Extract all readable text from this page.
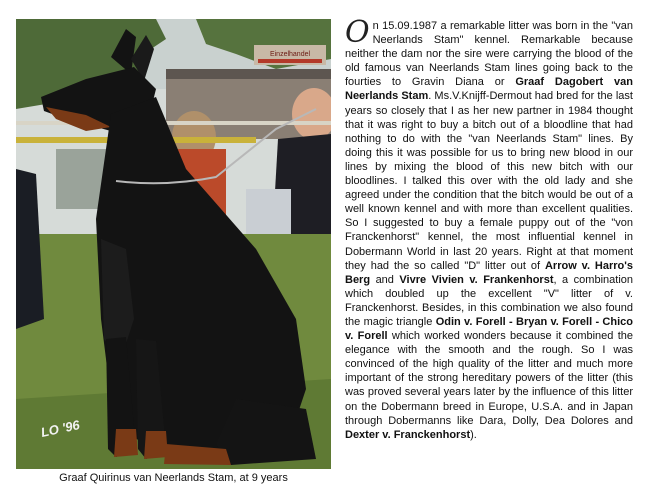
Einzelhandel
LO '96
Graaf Quirinus van Neerlands Stam, at 9 years

On 15.09.1987 a remarkable litter was born in the "van Neerlands Stam" kennel. Remarkable because neither the dam nor the sire were carrying the blood of the old famous van Neerlands Stam lines going back to the fourties to Gravin Diana or Graaf Dagobert van Neerlands Stam. Ms.V.Knijff-Dermout had bred for the last years so closely that I as her new partner in 1984 thought that it was right to buy a bitch out of a bloodline that had nothing to do with the "van Neerlands Stam" lines. By doing this it was possible for us to bring new blood in our lines by mixing the blood of this new bitch with our bloodlines. I talked this over with the old lady and she agreed under the condition that the bitch would be out of a well known kennel and with more than excellent qualities. So I suggested to buy a female puppy out of the "von Franckenhorst" kennel, the most influential kennel in Dobermann World in last 20 years. Right at that moment they had the so called "D" litter out of Arrow v. Harro's Berg and Vivre Vivien v. Frankenhorst, a combination which doubled up the excellent "V" litter of v. Franckenhorst. Besides, in this combination we also found the magic triangle Odin v. Forell - Bryan v. Forell - Chico v. Forell which worked wonders because it combined the elegance with the smooth and the rough. So I was convinced of the high quality of the litter and much more important of the strong hereditary powers of the litter (this was proved several years later by the influence of this litter on the Dobermann breed in Europe, U.S.A. and in Japan through Dobermanns like Dara, Dolly, Dea Dolores and Dexter v. Franckenhorst).
